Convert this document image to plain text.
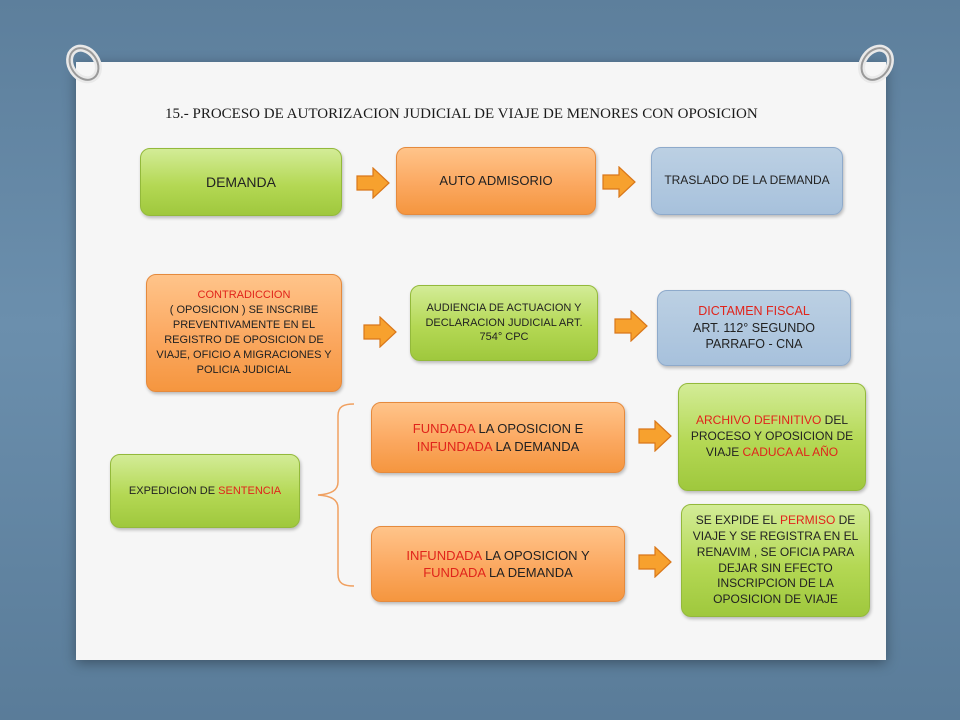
15.- PROCESO DE AUTORIZACION JUDICIAL DE VIAJE DE MENORES CON OPOSICION
DEMANDA	AUTO ADMISORIO	TRASLADO DE LA DEMANDA
CONTRADICCION
( OPOSICION ) SE INSCRIBE PREVENTIVAMENTE EN EL REGISTRO DE OPOSICION DE VIAJE, OFICIO A MIGRACIONES Y POLICIA JUDICIAL
AUDIENCIA DE ACTUACION Y DECLARACION JUDICIAL ART. 754° CPC
DICTAMEN FISCAL
ART. 112° SEGUNDO PARRAFO - CNA
EXPEDICION DE SENTENCIA
FUNDADA LA OPOSICION E INFUNDADA LA DEMANDA
INFUNDADA LA OPOSICION Y FUNDADA LA DEMANDA
ARCHIVO DEFINITIVO DEL PROCESO Y OPOSICION DE VIAJE CADUCA AL AÑO
SE EXPIDE EL PERMISO DE VIAJE Y SE REGISTRA EN EL RENAVIM , SE OFICIA PARA DEJAR SIN EFECTO INSCRIPCION DE LA OPOSICION DE VIAJE
